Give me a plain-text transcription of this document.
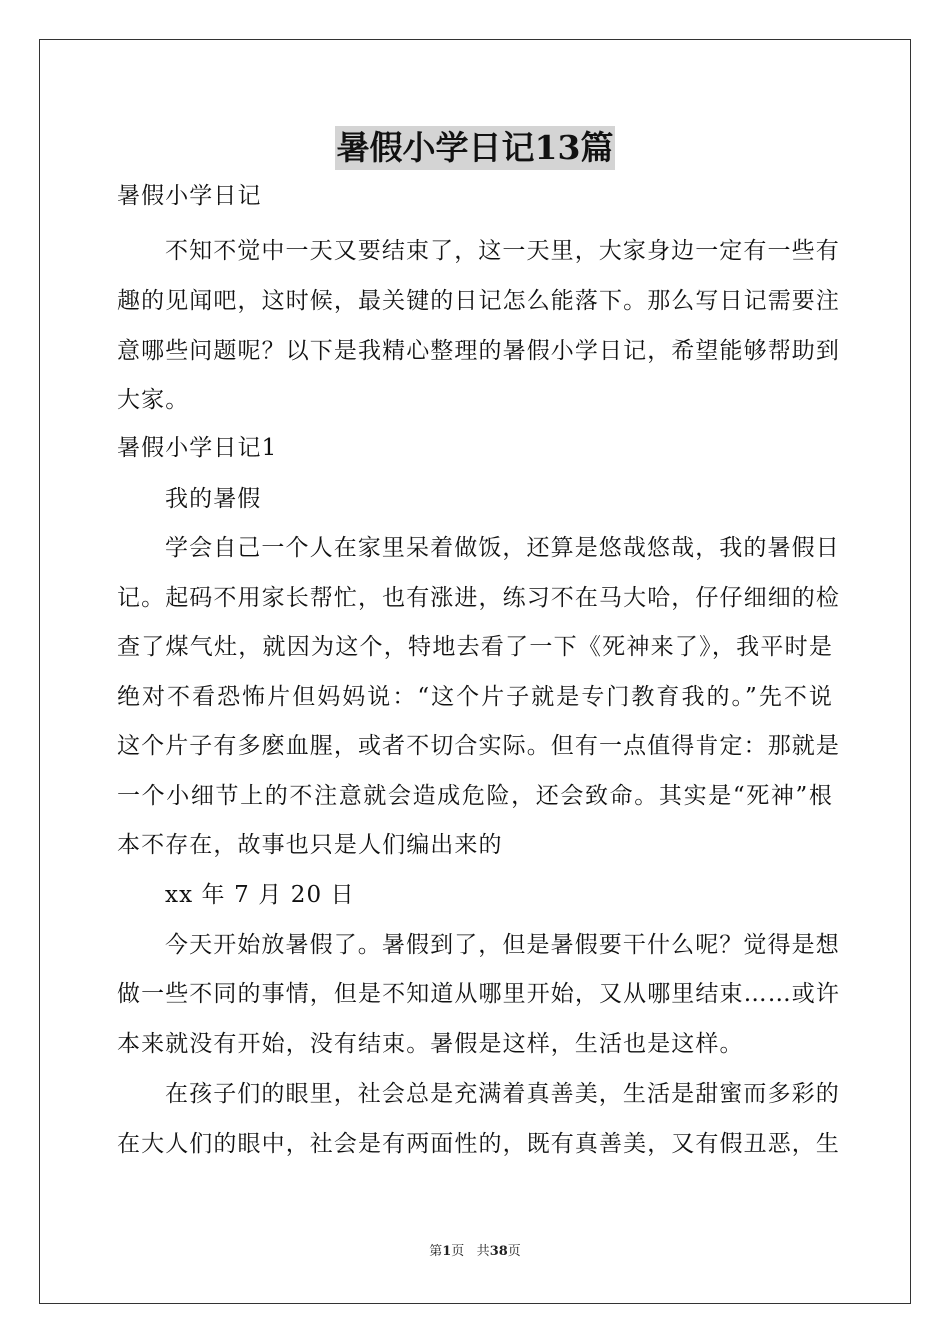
暑假小学日记13篇
暑假小学日记
不知不觉中一天又要结束了，这一天里，大家身边一定有一些有
趣的见闻吧，这时候，最关键的日记怎么能落下。那么写日记需要注
意哪些问题呢？以下是我精心整理的暑假小学日记，希望能够帮助到
大家。
暑假小学日记1
我的暑假
学会自己一个人在家里呆着做饭，还算是悠哉悠哉，我的暑假日
记。起码不用家长帮忙，也有涨进，练习不在马大哈，仔仔细细的检
查了煤气灶，就因为这个，特地去看了一下《死神来了》，我平时是
绝对不看恐怖片但妈妈说：“这个片子就是专门教育我的。”先不说
这个片子有多麽血腥，或者不切合实际。但有一点值得肯定：那就是
一个小细节上的不注意就会造成危险，还会致命。其实是“死神”根
本不存在，故事也只是人们编出来的
xx 年 7 月 20 日
今天开始放暑假了。暑假到了，但是暑假要干什么呢？觉得是想
做一些不同的事情，但是不知道从哪里开始，又从哪里结束……或许
本来就没有开始，没有结束。暑假是这样，生活也是这样。
在孩子们的眼里，社会总是充满着真善美，生活是甜蜜而多彩的
在大人们的眼中，社会是有两面性的，既有真善美，又有假丑恶，生
第1页 共38页
